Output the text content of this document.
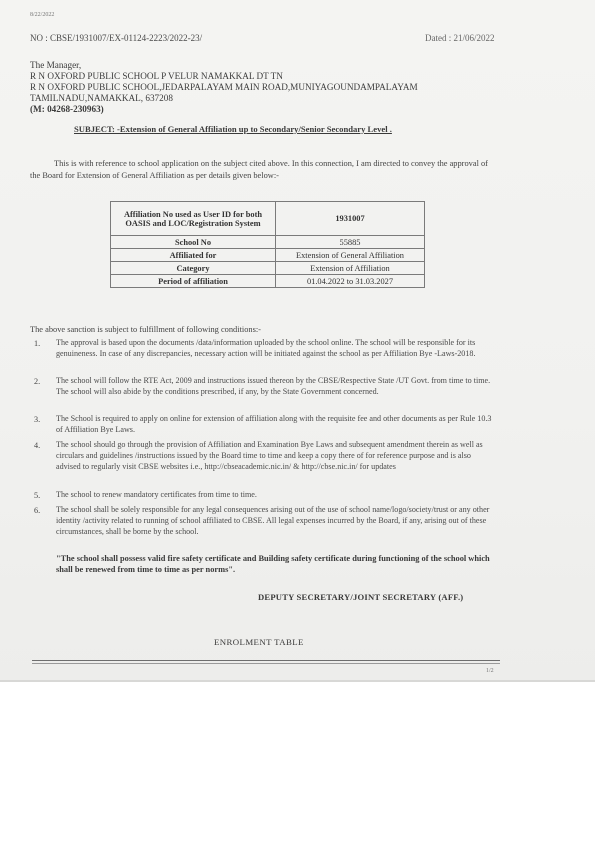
8/22/2022
NO : CBSE/1931007/EX-01124-2223/2022-23/	Dated : 21/06/2022
The Manager,
R N OXFORD PUBLIC SCHOOL P VELUR NAMAKKAL DT TN
R N OXFORD PUBLIC SCHOOL,JEDARPALAYAM MAIN ROAD,MUNIYAGOUNDAMPALAYAM
TAMILNADU,NAMAKKAL, 637208
(M: 04268-230963)
SUBJECT: -Extension of General Affiliation up to Secondary/Senior Secondary Level .
This is with reference to school application on the subject cited above. In this connection, I am directed to convey the approval of the Board for Extension of General Affiliation as per details given below:-
Affiliation No used as User ID for both OASIS and LOC/Registration System	1931007
School No	55885
Affiliated for	Extension of General Affiliation
Category	Extension of Affiliation
Period of affiliation	01.04.2022 to 31.03.2027
The above sanction is subject to fulfillment of following conditions:-
1. The approval is based upon the documents /data/information uploaded by the school online. The school will be responsible for its genuineness. In case of any discrepancies, necessary action will be initiated against the school as per Affiliation Bye -Laws-2018.
2. The school will follow the RTE Act, 2009 and instructions issued thereon by the CBSE/Respective State /UT Govt. from time to time. The school will also abide by the conditions prescribed, if any, by the State Government concerned.
3. The School is required to apply on online for extension of affiliation along with the requisite fee and other documents as per Rule 10.3 of Affiliation Bye Laws.
4. The school should go through the provision of Affiliation and Examination Bye Laws and subsequent amendment therein as well as circulars and guidelines /instructions issued by the Board time to time and keep a copy there of for reference purpose and is also advised to regularly visit CBSE websites i.e., http://cbseacademic.nic.in/ & http://cbse.nic.in/ for updates
5. The school to renew mandatory certificates from time to time.
6. The school shall be solely responsible for any legal consequences arising out of the use of school name/logo/society/trust or any other identity /activity related to running of school affiliated to CBSE. All legal expenses incurred by the Board, if any, arising out of these circumstances, shall be borne by the school.
"The school shall possess valid fire safety certificate and Building safety certificate during functioning of the school which shall be renewed from time to time as per norms".
DEPUTY SECRETARY/JOINT SECRETARY (AFF.)
ENROLMENT TABLE
1/2
